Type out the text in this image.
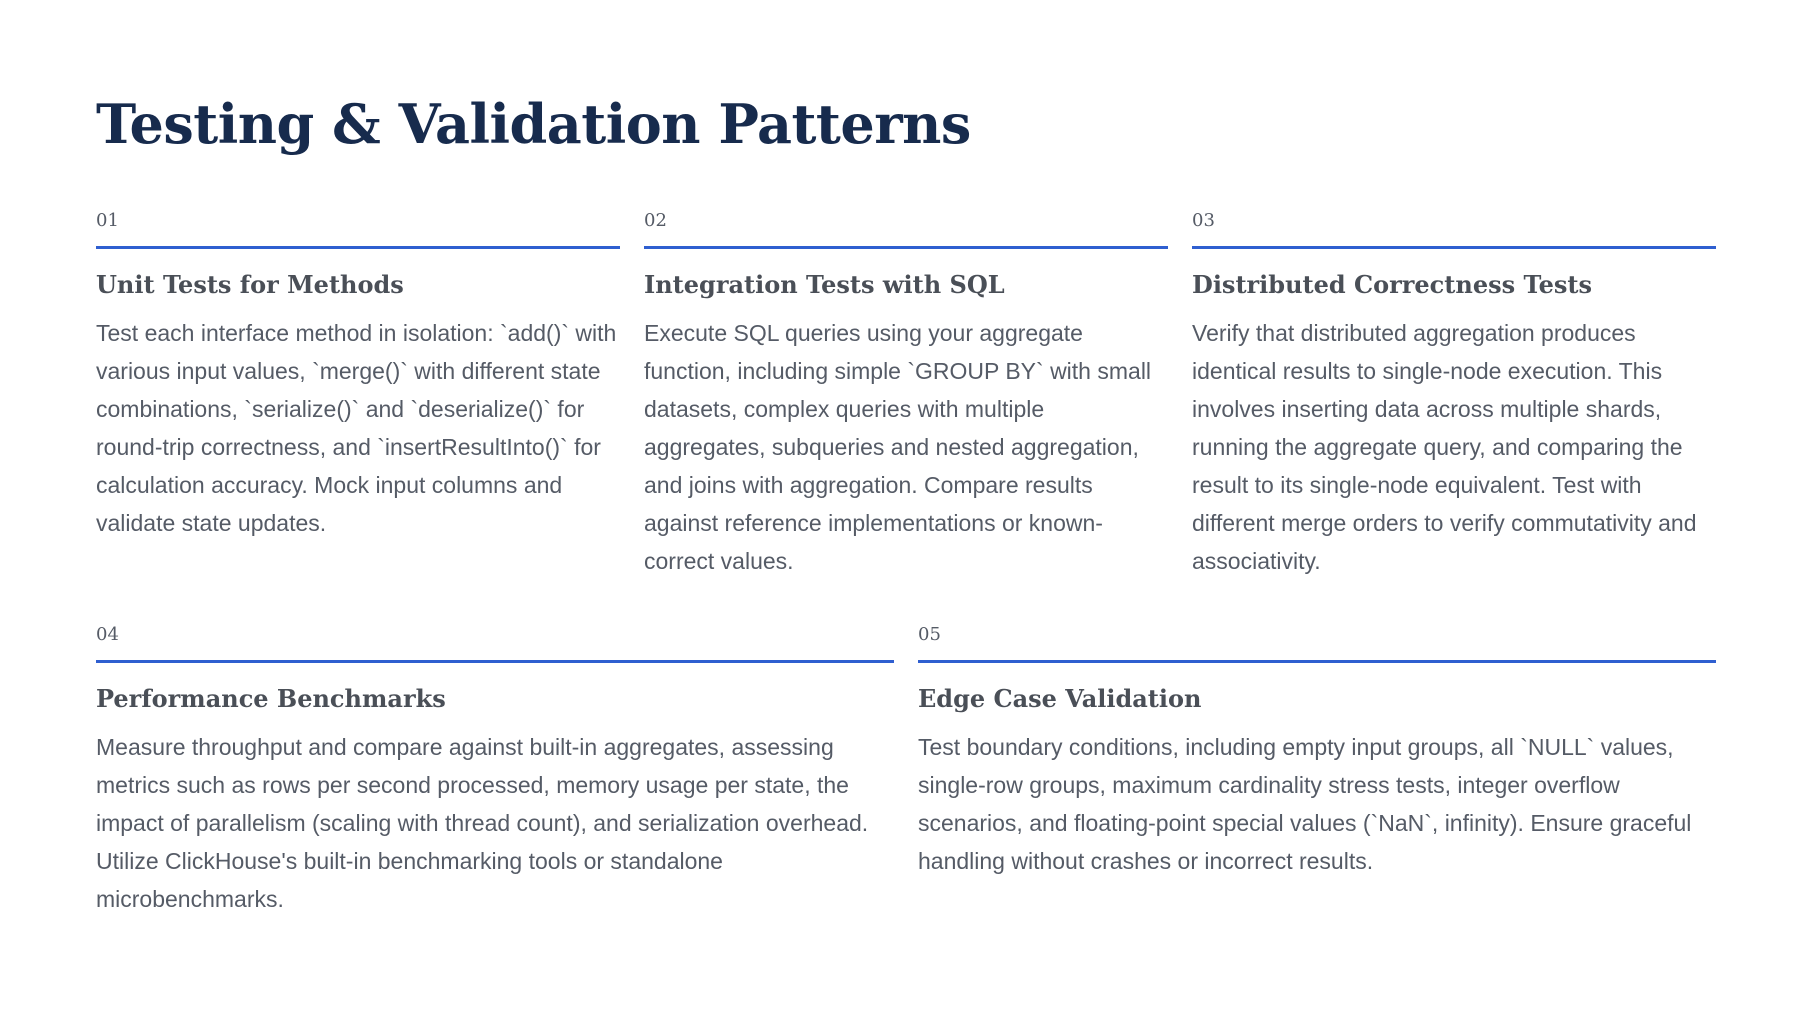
Testing & Validation Patterns
01
Unit Tests for Methods

Test each interface method in isolation: `add()` with various input values, `merge()` with different state combinations, `serialize()` and `deserialize()` for round-trip correctness, and `insertResultInto()` for calculation accuracy. Mock input columns and validate state updates.

02
Integration Tests with SQL

Execute SQL queries using your aggregate function, including simple `GROUP BY` with small datasets, complex queries with multiple aggregates, subqueries and nested aggregation, and joins with aggregation. Compare results against reference implementations or known-correct values.

03
Distributed Correctness Tests

Verify that distributed aggregation produces identical results to single-node execution. This involves inserting data across multiple shards, running the aggregate query, and comparing the result to its single-node equivalent. Test with different merge orders to verify commutativity and associativity.

04
Performance Benchmarks

Measure throughput and compare against built-in aggregates, assessing metrics such as rows per second processed, memory usage per state, the impact of parallelism (scaling with thread count), and serialization overhead. Utilize ClickHouse's built-in benchmarking tools or standalone microbenchmarks.

05
Edge Case Validation

Test boundary conditions, including empty input groups, all `NULL` values, single-row groups, maximum cardinality stress tests, integer overflow scenarios, and floating-point special values (`NaN`, infinity). Ensure graceful handling without crashes or incorrect results.
